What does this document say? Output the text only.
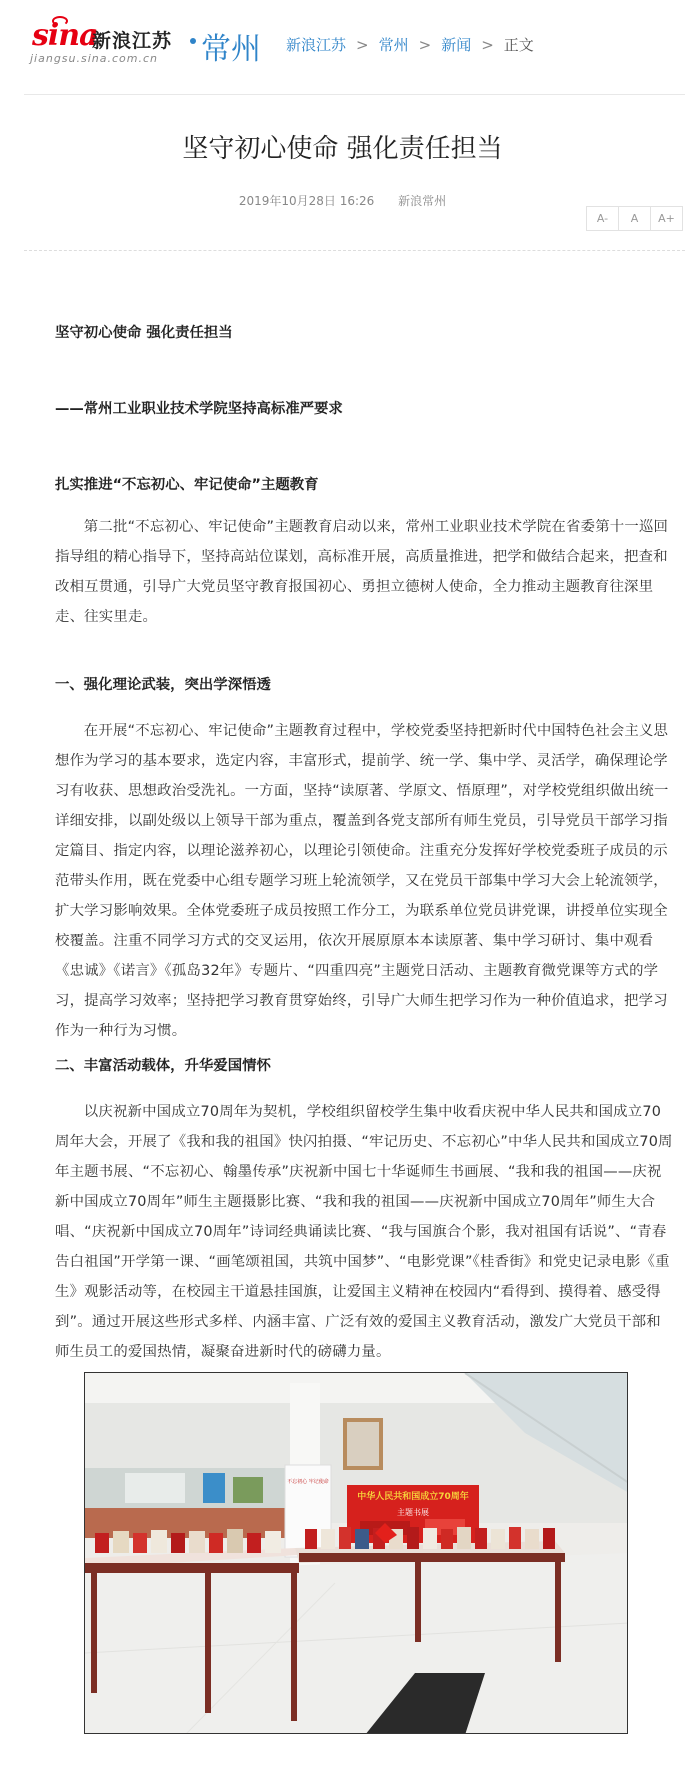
sina
新浪江苏
jiangsu.sina.com.cn 常州 新浪江苏 > 常州 > 新闻 > 正文
坚守初心使命 强化责任担当
2019年10月28日 16:26 新浪常州
A-	A	A+
坚守初心使命 强化责任担当
——常州工业职业技术学院坚持高标准严要求
扎实推进“不忘初心、牢记使命”主题教育
第二批“不忘初心、牢记使命”主题教育启动以来，常州工业职业技术学院在省委第十一巡回指导组的精心指导下，坚持高站位谋划，高标准开展，高质量推进，把学和做结合起来，把查和改相互贯通，引导广大党员坚守教育报国初心、勇担立德树人使命，全力推动主题教育往深里走、往实里走。
一、强化理论武装，突出学深悟透
在开展“不忘初心、牢记使命”主题教育过程中，学校党委坚持把新时代中国特色社会主义思想作为学习的基本要求，选定内容，丰富形式，提前学、统一学、集中学、灵活学，确保理论学习有收获、思想政治受洗礼。一方面，坚持“读原著、学原文、悟原理”，对学校党组织做出统一详细安排，以副处级以上领导干部为重点，覆盖到各党支部所有师生党员，引导党员干部学习指定篇目、指定内容，以理论滋养初心，以理论引领使命。注重充分发挥好学校党委班子成员的示范带头作用，既在党委中心组专题学习班上轮流领学，又在党员干部集中学习大会上轮流领学，扩大学习影响效果。全体党委班子成员按照工作分工，为联系单位党员讲党课，讲授单位实现全校覆盖。注重不同学习方式的交叉运用，依次开展原原本本读原著、集中学习研讨、集中观看《忠诚》《诺言》《孤岛32年》专题片、“四重四亮”主题党日活动、主题教育微党课等方式的学习，提高学习效率；坚持把学习教育贯穿始终，引导广大师生把学习作为一种价值追求，把学习作为一种行为习惯。
二、丰富活动载体，升华爱国情怀
以庆祝新中国成立70周年为契机，学校组织留校学生集中收看庆祝中华人民共和国成立70周年大会，开展了《我和我的祖国》快闪拍摄、“牢记历史、不忘初心”中华人民共和国成立70周年主题书展、“不忘初心、翰墨传承”庆祝新中国七十华诞师生书画展、“我和我的祖国——庆祝新中国成立70周年”师生主题摄影比赛、“我和我的祖国——庆祝新中国成立70周年”师生大合唱、“庆祝新中国成立70周年”诗词经典诵读比赛、“我与国旗合个影，我对祖国有话说”、“青春告白祖国”开学第一课、“画笔颂祖国，共筑中国梦”、“电影党课”《桂香街》和党史记录电影《重生》观影活动等，在校园主干道悬挂国旗，让爱国主义精神在校园内“看得到、摸得着、感受得到”。通过开展这些形式多样、内涵丰富、广泛有效的爱国主义教育活动，激发广大党员干部和师生员工的爱国热情，凝聚奋进新时代的磅礴力量。
不忘初心 牢记使命
中华人民共和国成立70周年
主题书展
